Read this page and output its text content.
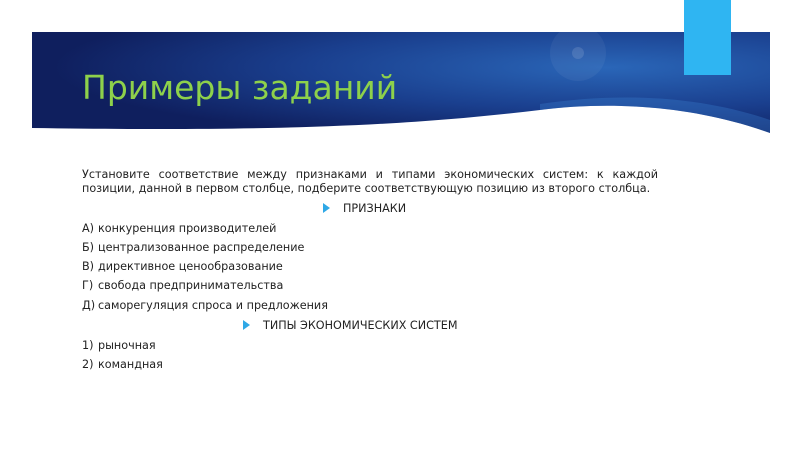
Примеры заданий

Установите соответствие между признаками и типами экономических систем: к каждой позиции, данной в первом столбце, подберите соответствующую позицию из второго столбца.

ПРИЗНАКИ

А) конкуренция производителей

Б) централизованное распределение

В) директивное ценообразование

Г) свобода предпринимательства

Д) саморегуляция спроса и предложения

ТИПЫ ЭКОНОМИЧЕСКИХ СИСТЕМ

1) рыночная

2) командная
